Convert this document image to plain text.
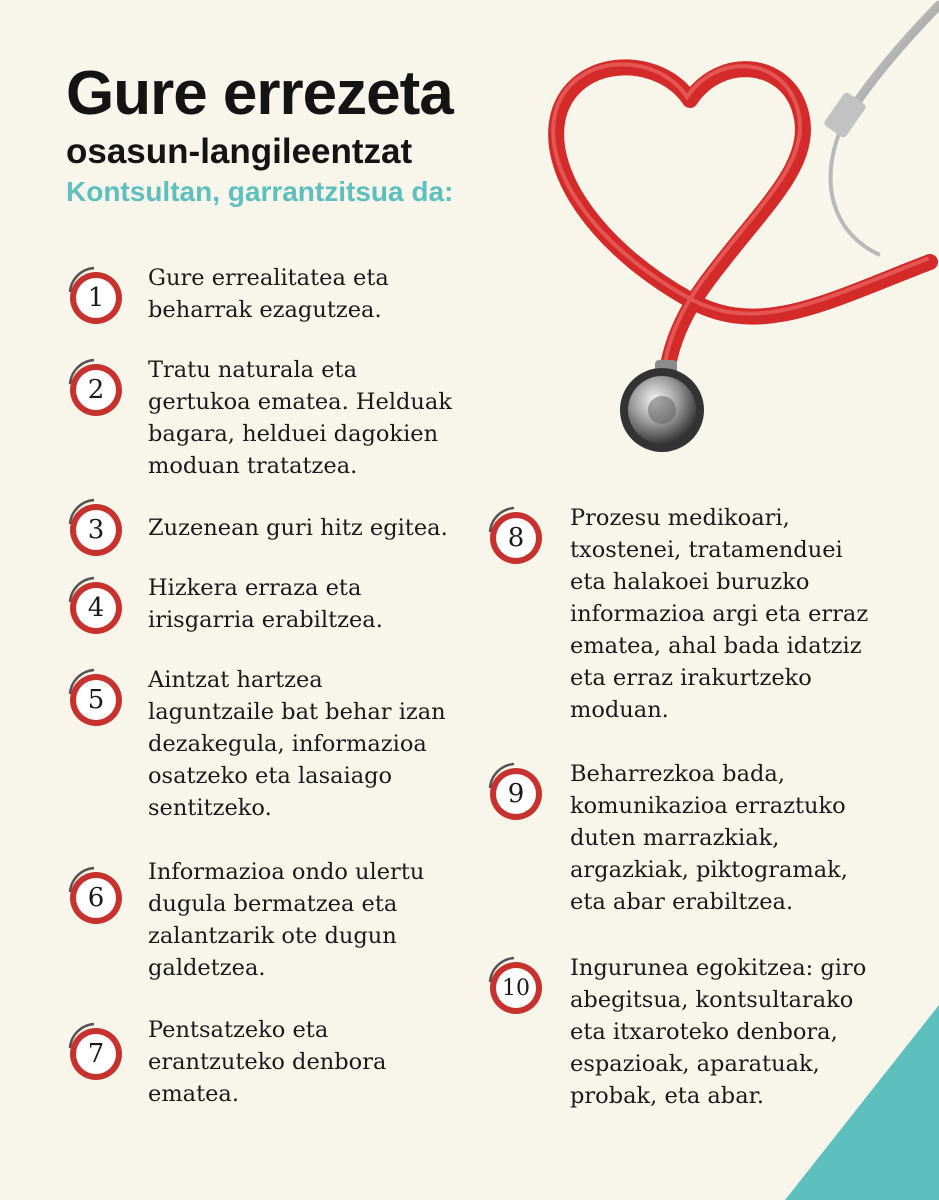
Gure errezeta
osasun-langileentzat

Kontsultan, garrantzitsua da:

1

Gure errealitatea eta
beharrak ezagutzea.

2

Tratu naturala eta
gertukoa ematea. Helduak
bagara, helduei dagokien
moduan tratatzea.

3	Zuzenean guri hitz egitea.

4

Hizkera erraza eta
irisgarria erabiltzea.

5

Aintzat hartzea
laguntzaile bat behar izan
dezakegula, informazioa
osatzeko eta lasaiago
sentitzeko.

6

Informazioa ondo ulertu
dugula bermatzea eta
zalantzarik ote dugun
galdetzea.

7

Pentsatzeko eta
erantzuteko denbora
ematea.

8

Prozesu medikoari,
txostenei, tratamenduei
eta halakoei buruzko
informazioa argi eta erraz
ematea, ahal bada idatziz
eta erraz irakurtzeko
moduan.

9

Beharrezkoa bada,
komunikazioa erraztuko
duten marrazkiak,
argazkiak, piktogramak,
eta abar erabiltzea.

10

Ingurunea egokitzea: giro
abegitsua, kontsultarako
eta itxaroteko denbora,
espazioak, aparatuak,
probak, eta abar.
